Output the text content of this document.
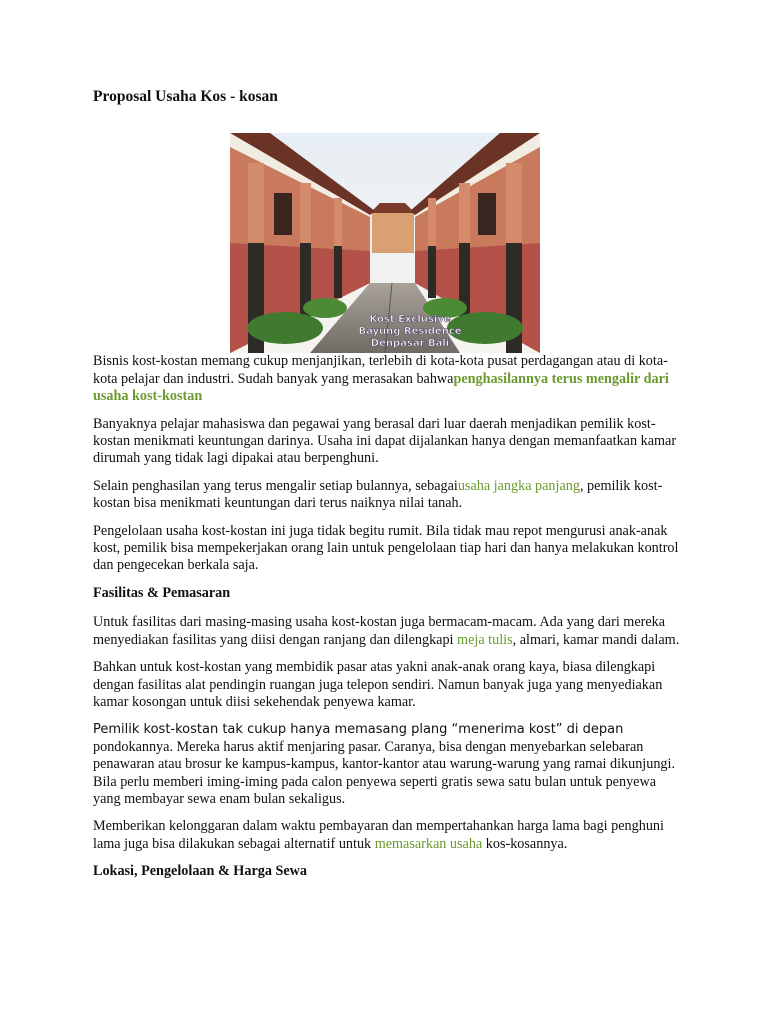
Proposal Usaha Kos - kosan
Kost Exclusive
Bayung Residence
Denpasar Bali

Bisnis kost-kostan memang cukup menjanjikan, terlebih di kota-kota pusat perdagangan atau di kota-kota pelajar dan industri. Sudah banyak yang merasakan bahwapenghasilannya terus mengalir dari usaha kost-kostan

Banyaknya pelajar mahasiswa dan pegawai yang berasal dari luar daerah menjadikan pemilik kost-kostan menikmati keuntungan darinya. Usaha ini dapat dijalankan hanya dengan memanfaatkan kamar dirumah yang tidak lagi dipakai atau berpenghuni.

Selain penghasilan yang terus mengalir setiap bulannya, sebagaiusaha jangka panjang, pemilik kost-kostan bisa menikmati keuntungan dari terus naiknya nilai tanah.

Pengelolaan usaha kost-kostan ini juga tidak begitu rumit. Bila tidak mau repot mengurusi anak-anak kost, pemilik bisa mempekerjakan orang lain untuk pengelolaan tiap hari dan hanya melakukan kontrol dan pengecekan berkala saja.

Fasilitas & Pemasaran

Untuk fasilitas dari masing-masing usaha kost-kostan juga bermacam-macam. Ada yang dari mereka menyediakan fasilitas yang diisi dengan ranjang dan dilengkapi meja tulis, almari, kamar mandi dalam.

Bahkan untuk kost-kostan yang membidik pasar atas yakni anak-anak orang kaya, biasa dilengkapi dengan fasilitas alat pendingin ruangan juga telepon sendiri. Namun banyak juga yang menyediakan kamar kosongan untuk diisi sekehendak penyewa kamar.

Pemilik kost-kostan tak cukup hanya memasang plang “menerima kost” di depan pondokannya. Mereka harus aktif menjaring pasar. Caranya, bisa dengan menyebarkan selebaran penawaran atau brosur ke kampus-kampus, kantor-kantor atau warung-warung yang ramai dikunjungi. Bila perlu memberi iming-iming pada calon penyewa seperti gratis sewa satu bulan untuk penyewa yang membayar sewa enam bulan sekaligus.

Memberikan kelonggaran dalam waktu pembayaran dan mempertahankan harga lama bagi penghuni lama juga bisa dilakukan sebagai alternatif untuk memasarkan usaha kos-kosannya.

Lokasi, Pengelolaan & Harga Sewa
